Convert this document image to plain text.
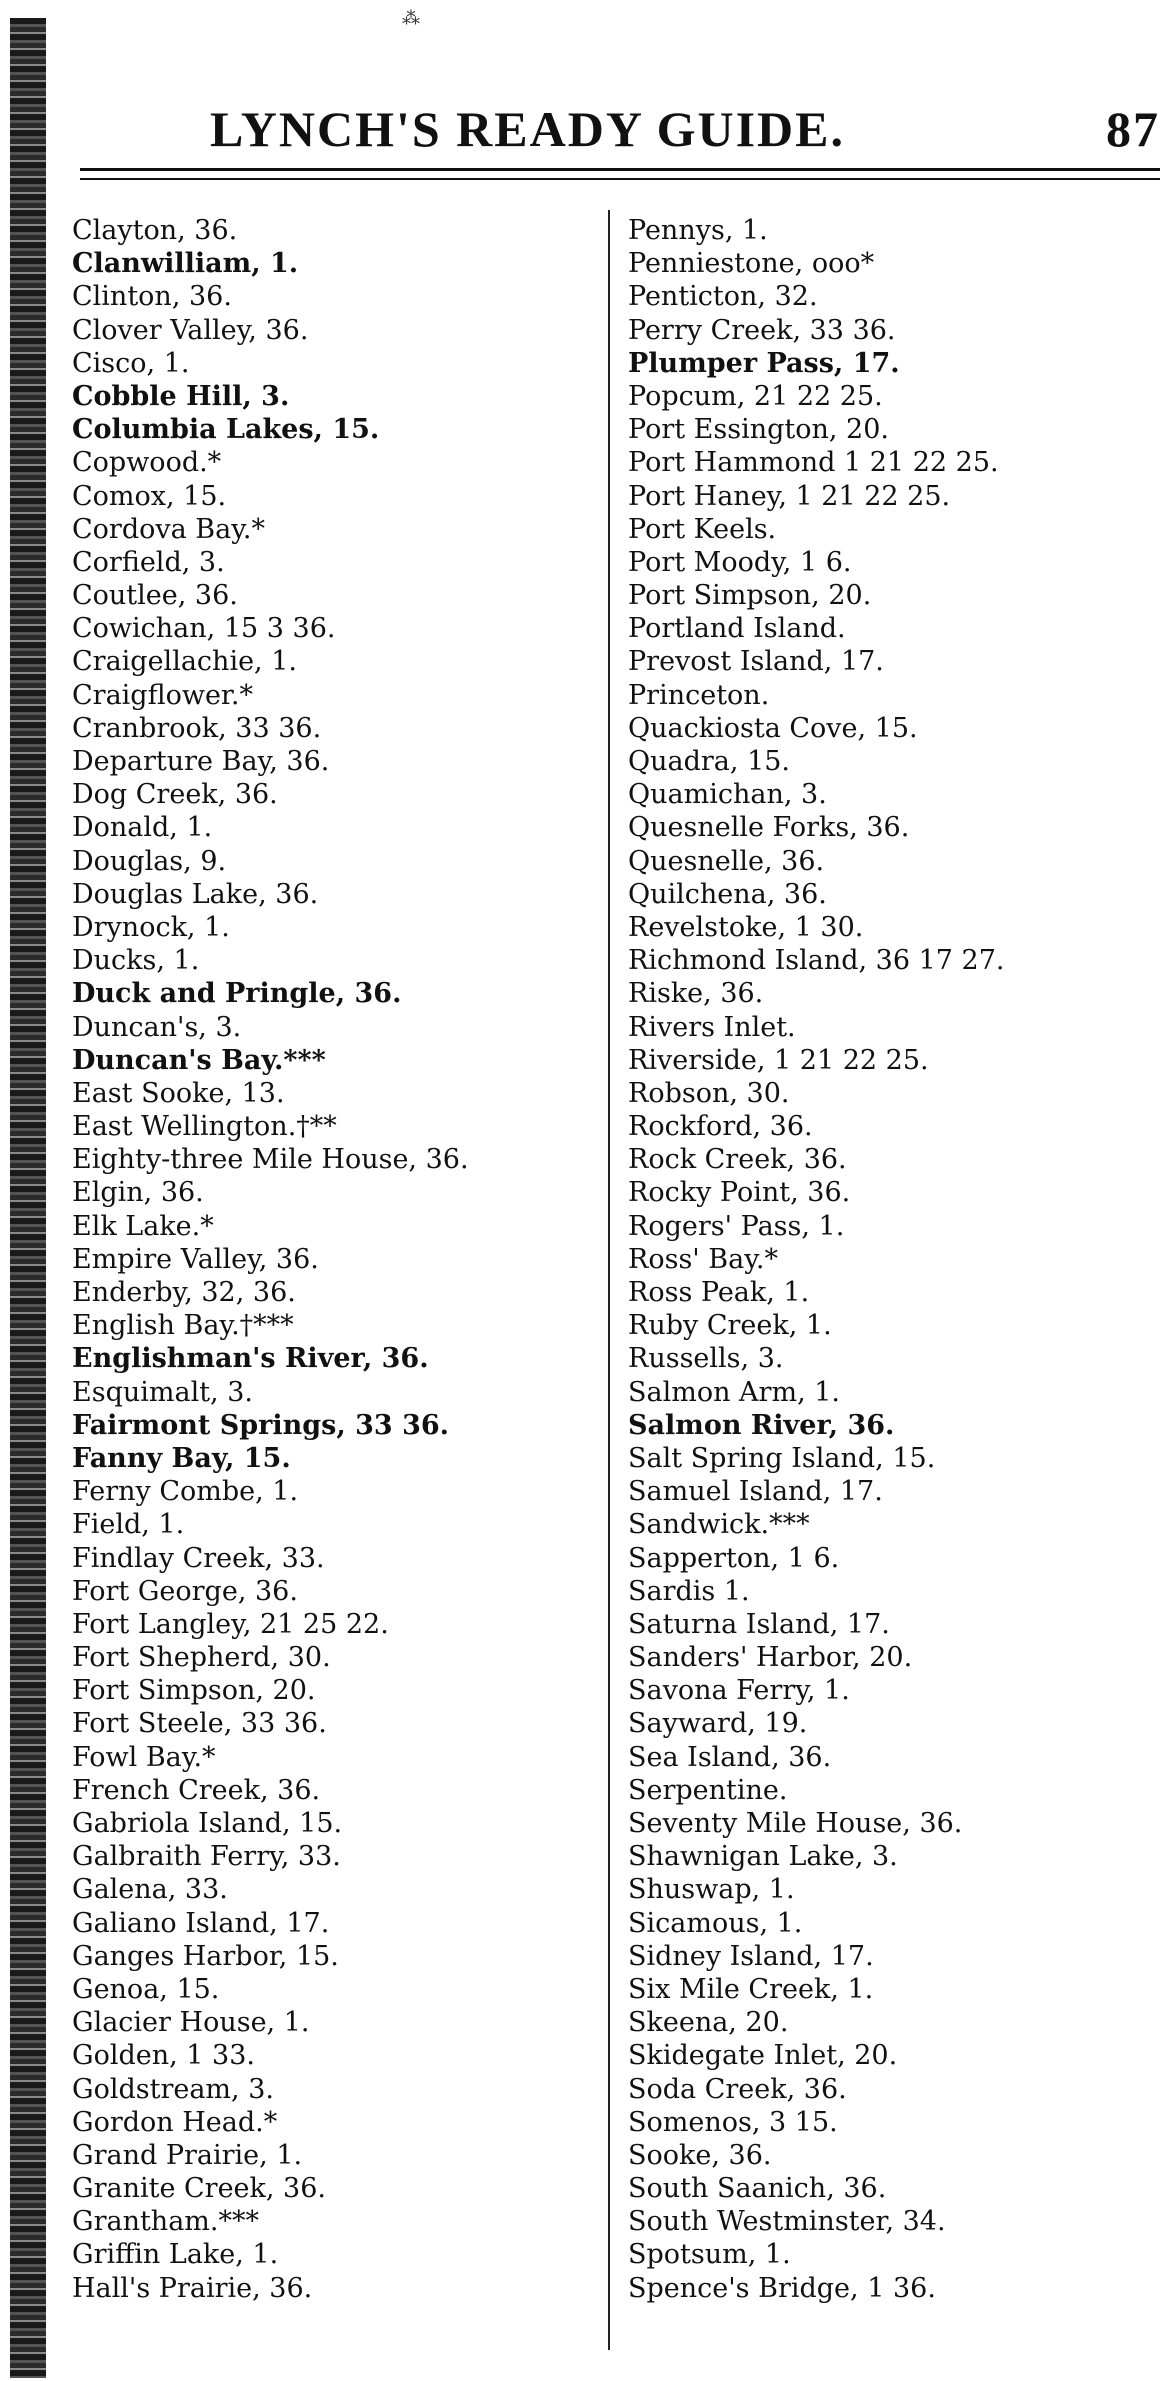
⁂
LYNCH'S READY GUIDE.	87
Clayton, 36.
Clanwilliam, 1.
Clinton, 36.
Clover Valley, 36.
Cisco, 1.
Cobble Hill, 3.
Columbia Lakes, 15.
Copwood.*
Comox, 15.
Cordova Bay.*
Corfield, 3.
Coutlee, 36.
Cowichan, 15 3 36.
Craigellachie, 1.
Craigflower.*
Cranbrook, 33 36.
Departure Bay, 36.
Dog Creek, 36.
Donald, 1.
Douglas, 9.
Douglas Lake, 36.
Drynock, 1.
Ducks, 1.
Duck and Pringle, 36.
Duncan's, 3.
Duncan's Bay.***
East Sooke, 13.
East Wellington.†**
Eighty-three Mile House, 36.
Elgin, 36.
Elk Lake.*
Empire Valley, 36.
Enderby, 32, 36.
English Bay.†***
Englishman's River, 36.
Esquimalt, 3.
Fairmont Springs, 33 36.
Fanny Bay, 15.
Ferny Combe, 1.
Field, 1.
Findlay Creek, 33.
Fort George, 36.
Fort Langley, 21 25 22.
Fort Shepherd, 30.
Fort Simpson, 20.
Fort Steele, 33 36.
Fowl Bay.*
French Creek, 36.
Gabriola Island, 15.
Galbraith Ferry, 33.
Galena, 33.
Galiano Island, 17.
Ganges Harbor, 15.
Genoa, 15.
Glacier House, 1.
Golden, 1 33.
Goldstream, 3.
Gordon Head.*
Grand Prairie, 1.
Granite Creek, 36.
Grantham.***
Griffin Lake, 1.
Hall's Prairie, 36.
Pennys, 1.
Penniestone, ooo*
Penticton, 32.
Perry Creek, 33 36.
Plumper Pass, 17.
Popcum, 21 22 25.
Port Essington, 20.
Port Hammond 1 21 22 25.
Port Haney, 1 21 22 25.
Port Keels.
Port Moody, 1 6.
Port Simpson, 20.
Portland Island.
Prevost Island, 17.
Princeton.
Quackiosta Cove, 15.
Quadra, 15.
Quamichan, 3.
Quesnelle Forks, 36.
Quesnelle, 36.
Quilchena, 36.
Revelstoke, 1 30.
Richmond Island, 36 17 27.
Riske, 36.
Rivers Inlet.
Riverside, 1 21 22 25.
Robson, 30.
Rockford, 36.
Rock Creek, 36.
Rocky Point, 36.
Rogers' Pass, 1.
Ross' Bay.*
Ross Peak, 1.
Ruby Creek, 1.
Russells, 3.
Salmon Arm, 1.
Salmon River, 36.
Salt Spring Island, 15.
Samuel Island, 17.
Sandwick.***
Sapperton, 1 6.
Sardis 1.
Saturna Island, 17.
Sanders' Harbor, 20.
Savona Ferry, 1.
Sayward, 19.
Sea Island, 36.
Serpentine.
Seventy Mile House, 36.
Shawnigan Lake, 3.
Shuswap, 1.
Sicamous, 1.
Sidney Island, 17.
Six Mile Creek, 1.
Skeena, 20.
Skidegate Inlet, 20.
Soda Creek, 36.
Somenos, 3 15.
Sooke, 36.
South Saanich, 36.
South Westminster, 34.
Spotsum, 1.
Spence's Bridge, 1 36.
